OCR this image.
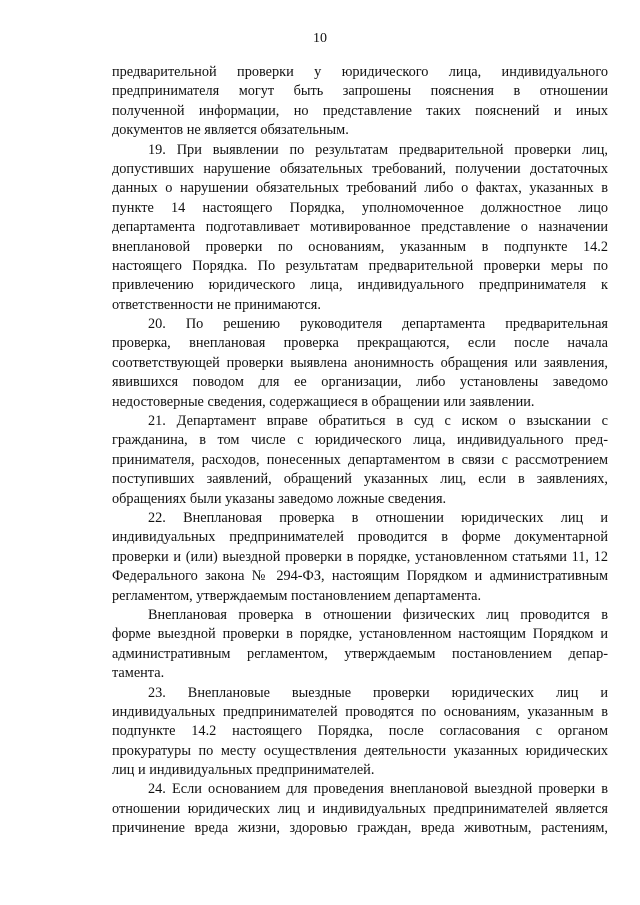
10
предварительной проверки у юридического лица, индивидуального
предпринимателя могут быть запрошены пояснения в отношении
полученной информации, но представление таких пояснений и иных
документов не является обязательным.
19. При выявлении по результатам предварительной проверки лиц,
допустивших нарушение обязательных требований, получении достаточных
данных о нарушении обязательных требований либо о фактах, указанных в
пункте 14 настоящего Порядка, уполномоченное должностное лицо
департамента подготавливает мотивированное представление о назначении
внеплановой проверки по основаниям, указанным в подпункте 14.2
настоящего Порядка. По результатам предварительной проверки меры по
привлечению юридического лица, индивидуального предпринимателя к
ответственности не принимаются.
20. По решению руководителя департамента предварительная
проверка, внеплановая проверка прекращаются, если после начала
соответствующей проверки выявлена анонимность обращения или заявления,
явившихся поводом для ее организации, либо установлены заведомо
недостоверные сведения, содержащиеся в обращении или заявлении.
21. Департамент вправе обратиться в суд с иском о взыскании с
гражданина, в том числе с юридического лица, индивидуального пред-
принимателя, расходов, понесенных департаментом в связи с рассмотрением
поступивших заявлений, обращений указанных лиц, если в заявлениях,
обращениях были указаны заведомо ложные сведения.
22. Внеплановая проверка в отношении юридических лиц и
индивидуальных предпринимателей проводится в форме документарной
проверки и (или) выездной проверки в порядке, установленном статьями 11, 12
Федерального закона № 294-ФЗ, настоящим Порядком и административным
регламентом, утверждаемым постановлением департамента.
Внеплановая проверка в отношении физических лиц проводится в
форме выездной проверки в порядке, установленном настоящим Порядком и
административным регламентом, утверждаемым постановлением депар-
тамента.
23. Внеплановые выездные проверки юридических лиц и
индивидуальных предпринимателей проводятся по основаниям, указанным в
подпункте 14.2 настоящего Порядка, после согласования с органом
прокуратуры по месту осуществления деятельности указанных юридических
лиц и индивидуальных предпринимателей.
24. Если основанием для проведения внеплановой выездной проверки в
отношении юридических лиц и индивидуальных предпринимателей является
причинение вреда жизни, здоровью граждан, вреда животным, растениям,
